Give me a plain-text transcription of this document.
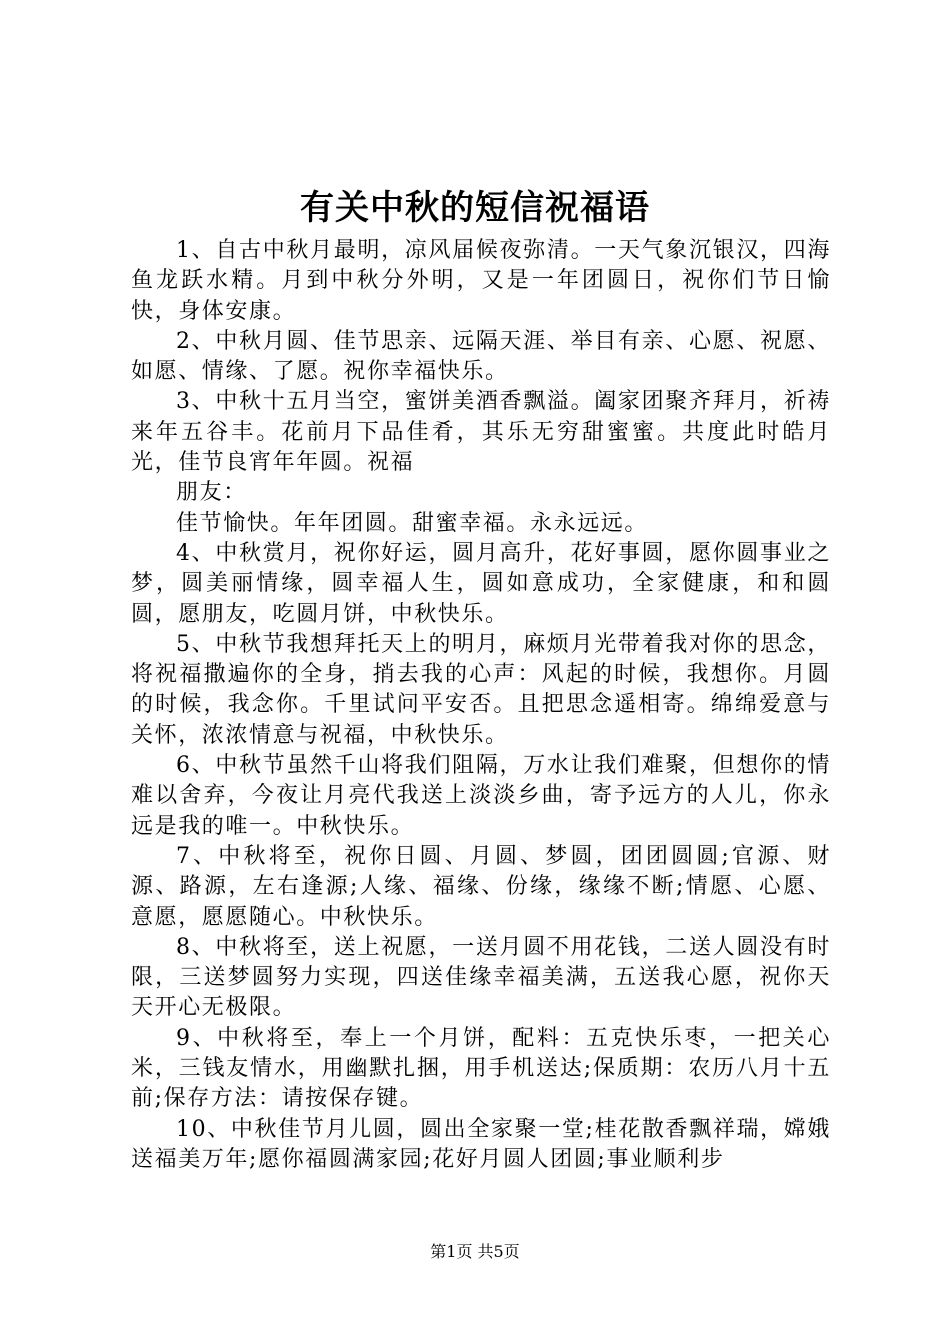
有关中秋的短信祝福语

1、自古中秋月最明，凉风届候夜弥清。一天气象沉银汉，四海鱼龙跃水精。月到中秋分外明，又是一年团圆日，祝你们节日愉快，身体安康。

2、中秋月圆、佳节思亲、远隔天涯、举目有亲、心愿、祝愿、如愿、情缘、了愿。祝你幸福快乐。

3、中秋十五月当空，蜜饼美酒香飘溢。阖家团聚齐拜月，祈祷来年五谷丰。花前月下品佳肴，其乐无穷甜蜜蜜。共度此时皓月光，佳节良宵年年圆。祝福

朋友：

佳节愉快。年年团圆。甜蜜幸福。永永远远。

4、中秋赏月，祝你好运，圆月高升，花好事圆，愿你圆事业之梦，圆美丽情缘，圆幸福人生，圆如意成功，全家健康，和和圆圆，愿朋友，吃圆月饼，中秋快乐。

5、中秋节我想拜托天上的明月，麻烦月光带着我对你的思念，将祝福撒遍你的全身，捎去我的心声：风起的时候，我想你。月圆的时候，我念你。千里试问平安否。且把思念遥相寄。绵绵爱意与关怀，浓浓情意与祝福，中秋快乐。

6、中秋节虽然千山将我们阻隔，万水让我们难聚，但想你的情难以舍弃，今夜让月亮代我送上淡淡乡曲，寄予远方的人儿，你永远是我的唯一。中秋快乐。

7、中秋将至，祝你日圆、月圆、梦圆，团团圆圆;官源、财源、路源，左右逢源;人缘、福缘、份缘，缘缘不断;情愿、心愿、意愿，愿愿随心。中秋快乐。

8、中秋将至，送上祝愿，一送月圆不用花钱，二送人圆没有时限，三送梦圆努力实现，四送佳缘幸福美满，五送我心愿，祝你天天开心无极限。

9、中秋将至，奉上一个月饼，配料：五克快乐枣，一把关心米，三钱友情水，用幽默扎捆，用手机送达;保质期：农历八月十五前;保存方法：请按保存键。

10、中秋佳节月儿圆，圆出全家聚一堂;桂花散香飘祥瑞，嫦娥送福美万年;愿你福圆满家园;花好月圆人团圆;事业顺利步

第1页 共5页
